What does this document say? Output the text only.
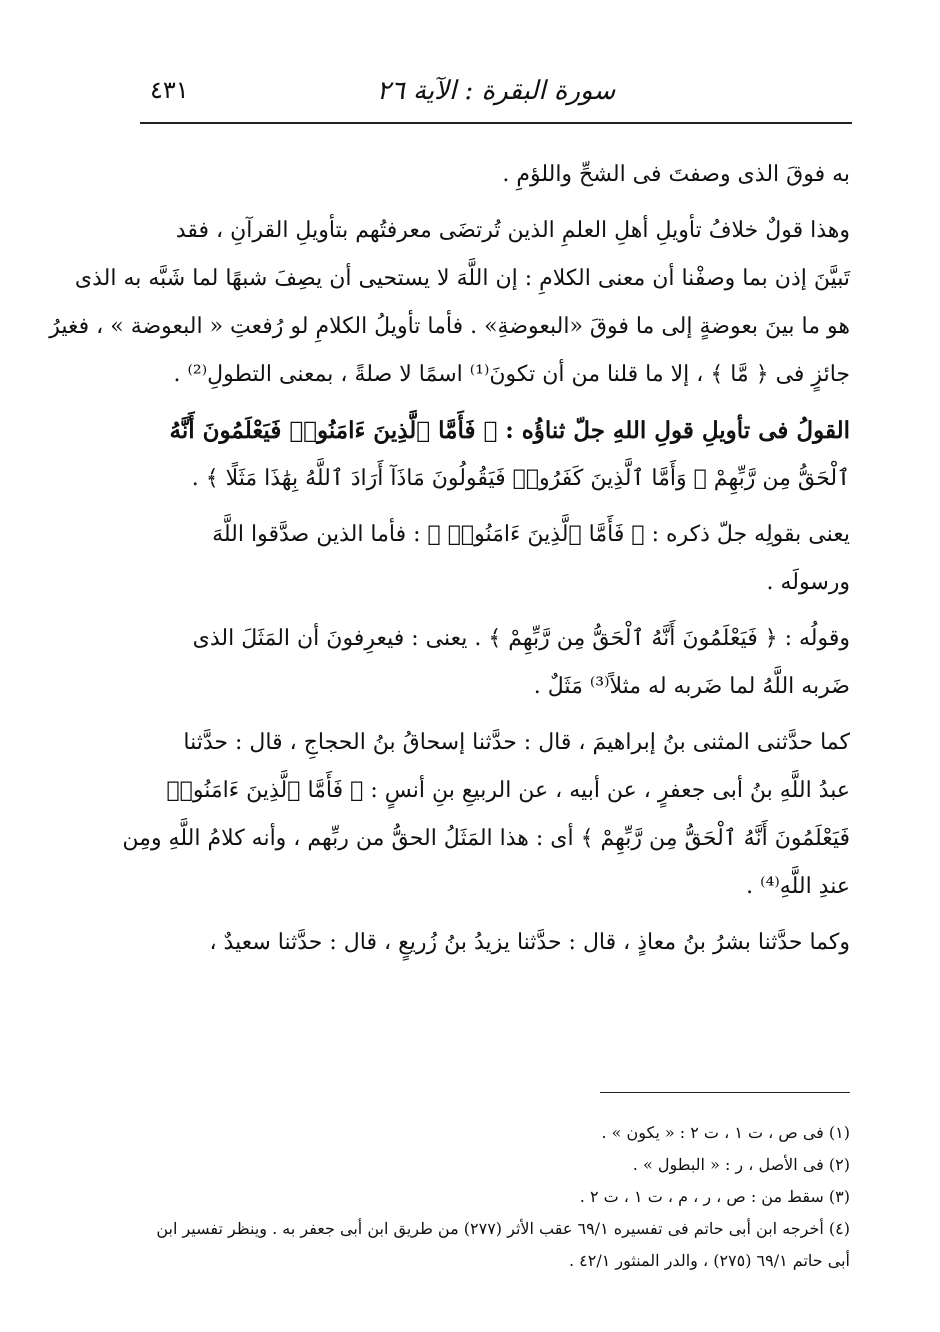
سورة البقرة : الآية ٢٦
٤٣١
به فوقَ الذى وصفتَ فى الشحِّ واللؤمِ .
وهذا قولٌ خلافُ تأويلِ أهلِ العلمِ الذين تُرتضَى معرفتُهم بتأويلِ القرآنِ ، فقد
تَبيَّنَ إذن بما وصفْنا أن معنى الكلامِ : إن اللَّهَ لا يستحيى أن يصِفَ شبهًا لما شَبَّه به الذى
هو ما بينَ بعوضةٍ إلى ما فوقَ «البعوضةِ» . فأما تأويلُ الكلامِ لو رُفعتِ « البعوضة » ، فغيرُ
جائزٍ فى ﴿ مَّا ﴾ ، إلا ما قلنا من أن تكونَ⁽¹⁾ اسمًا لا صلةً ، بمعنى التطولِ⁽²⁾ .
القولُ فى تأويلِ قولِ اللهِ جلّ ثناؤُه : ﴿ فَأَمَّا ٱلَّذِينَ ءَامَنُوا۟ فَيَعْلَمُونَ أَنَّهُ
ٱلْحَقُّ مِن رَّبِّهِمْ ۖ وَأَمَّا ٱلَّذِينَ كَفَرُوا۟ فَيَقُولُونَ مَاذَآ أَرَادَ ٱللَّهُ بِهَٰذَا مَثَلًا ﴾ .
يعنى بقولِه جلّ ذكره : ﴿ فَأَمَّا ٱلَّذِينَ ءَامَنُوا۟ ﴾ : فأما الذين صدَّقوا اللَّهَ
ورسولَه .
وقولُه : ﴿ فَيَعْلَمُونَ أَنَّهُ ٱلْحَقُّ مِن رَّبِّهِمْ ﴾ . يعنى : فيعرِفونَ أن المَثَلَ الذى
ضَربه اللَّهُ لما ضَربه له مثلاً⁽³⁾ مَثَلٌ .
كما حدَّثنى المثنى بنُ إبراهيمَ ، قال : حدَّثنا إسحاقُ بنُ الحجاجِ ، قال : حدَّثنا
عبدُ اللَّهِ بنُ أبى جعفرٍ ، عن أبيه ، عن الربيعِ بنِ أنسٍ : ﴿ فَأَمَّا ٱلَّذِينَ ءَامَنُوا۟
فَيَعْلَمُونَ أَنَّهُ ٱلْحَقُّ مِن رَّبِّهِمْ ﴾ أى : هذا المَثَلُ الحقُّ من ربِّهم ، وأنه كلامُ اللَّهِ ومِن
عندِ اللَّهِ⁽⁴⁾ .
وكما حدَّثنا بشرُ بنُ معاذٍ ، قال : حدَّثنا يزيدُ بنُ زُريعٍ ، قال : حدَّثنا سعيدٌ ،
(١) فى ص ، ت ١ ، ت ٢ : « يكون » .
(٢) فى الأصل ، ر : « البطول » .
(٣) سقط من : ص ، ر ، م ، ت ١ ، ت ٢ .
(٤) أخرجه ابن أبى حاتم فى تفسيره ٦٩/١ عقب الأثر (٢٧٧) من طريق ابن أبى جعفر به . وينظر تفسير ابن
أبى حاتم ٦٩/١ (٢٧٥) ، والدر المنثور ٤٢/١ .
